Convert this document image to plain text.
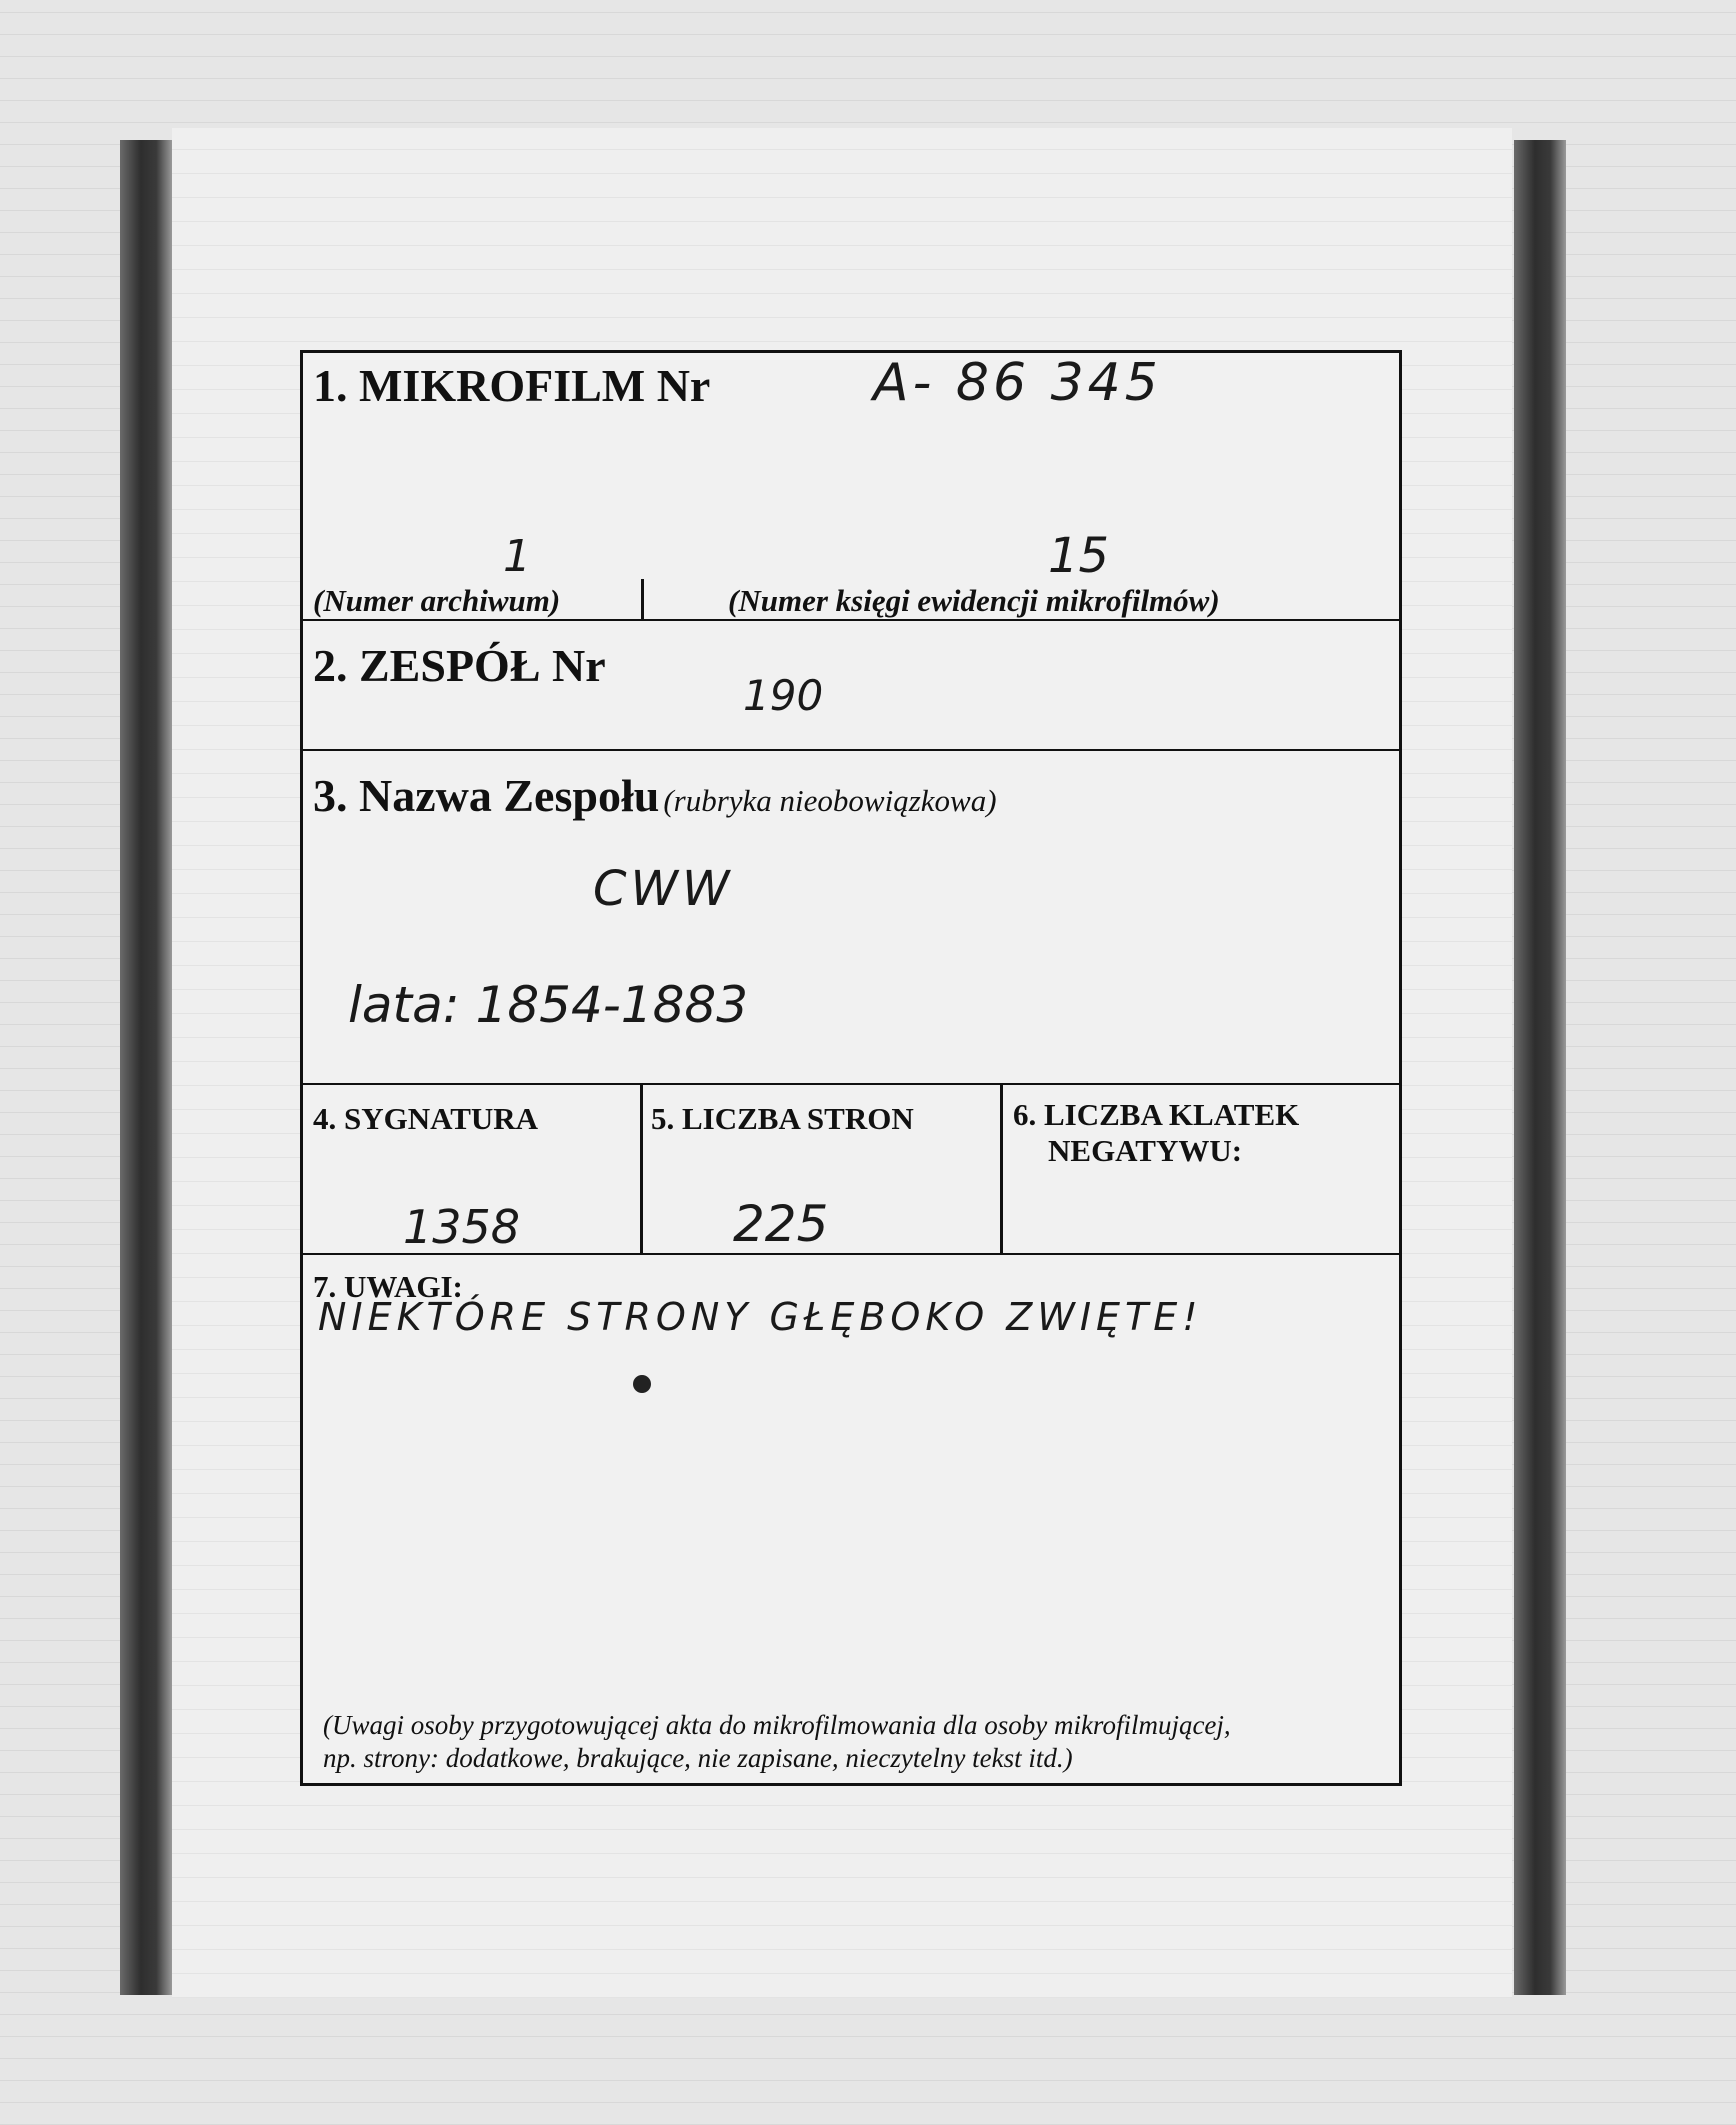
1. MIKROFILM Nr	A- 86 345
1	15
(Numer archiwum)	(Numer księgi ewidencji mikrofilmów)
2. ZESPÓŁ Nr
190
3. Nazwa Zespołu (rubryka nieobowiązkowa)
CWW
lata: 1854-1883
4. SYGNATURA
1358
5. LICZBA STRON
225
6. LICZBA KLATEK
NEGATYWU:
7. UWAGI:
NIEKTÓRE STRONY GŁĘBOKO ZWIĘTE!
(Uwagi osoby przygotowującej akta do mikrofilmowania dla osoby mikrofilmującej,
np. strony: dodatkowe, brakujące, nie zapisane, nieczytelny tekst itd.)
